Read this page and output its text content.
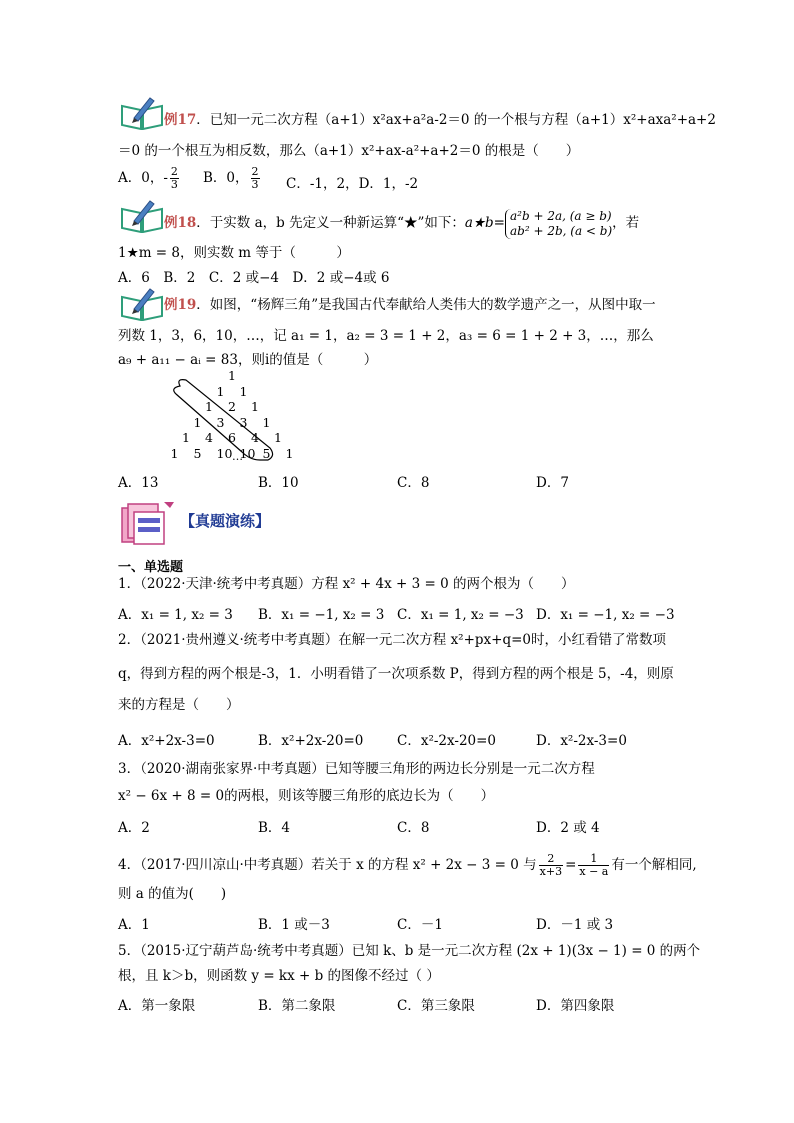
例17．已知一元二次方程（a+1）x²ax+a²a-2＝0 的一个根与方程（a+1）x²+axa²+a+2
＝0 的一个根互为相反数，那么（a+1）x²+ax-a²+a+2＝0 的根是（　　）
A．0，- $\frac{2}{3}$ B．0， $\frac{2}{3}$ C．-1，2，D．1，-2
例18．于实数 a，b 先定义一种新运算“★”如下：a★b= a²b + 2a, (a ≥ b)
ab² + 2b, (a < b) ，若
1★m = 8，则实数 m 等于（　　　）
A．6　 B．2　 C．2 或−4　 D．2 或−4或 6
例19．如图，“杨辉三角”是我国古代奉献给人类伟大的数学遗产之一，从图中取一
列数 1，3，6，10，…，记 a₁ = 1，a₂ = 3 = 1 + 2，a₃ = 6 = 1 + 2 + 3，…，那么
a₉ + a₁₁ − aᵢ = 83，则i的值是（　　　）
1
1 1
1 2 1
1 3 3 1
1 4 6 4 1
1 5 10 10 5 1
…
A．13	B．10	C．8	D．7
【真题演练】
一、单选题
1．（2022·天津·统考中考真题）方程 x² + 4x + 3 = 0 的两个根为（　　）
A．x₁ = 1, x₂ = 3 B．x₁ = −1, x₂ = 3 C．x₁ = 1, x₂ = −3 D．x₁ = −1, x₂ = −3
2．（2021·贵州遵义·统考中考真题）在解一元二次方程 x²+px+q=0时，小红看错了常数项
q，得到方程的两个根是-3，1．小明看错了一次项系数 P，得到方程的两个根是 5，-4，则原
来的方程是（　　）
A．x²+2x-3=0	B．x²+2x-20=0 C．x²-2x-20=0	D．x²-2x-3=0
3．（2020·湖南张家界·中考真题）已知等腰三角形的两边长分别是一元二次方程
x² − 6x + 8 = 0的两根，则该等腰三角形的底边长为（　　）
A．2	B．4	C．8	D．2 或 4
4．（2017·四川凉山·中考真题）若关于 x 的方程 x² + 2x − 3 = 0 与 $\frac{2}{x+3} = \frac{1}{x - a}$ 有一个解相同,
则 a 的值为(　　)
A．1	B．1 或－3	C．－1	D．－1 或 3
5．（2015·辽宁葫芦岛·统考中考真题）已知 k、b 是一元二次方程 (2x + 1)(3x − 1) = 0 的两个
根，且 k＞b，则函数 y = kx + b 的图像不经过（ ）
A．第一象限	B．第二象限	C．第三象限	D．第四象限
